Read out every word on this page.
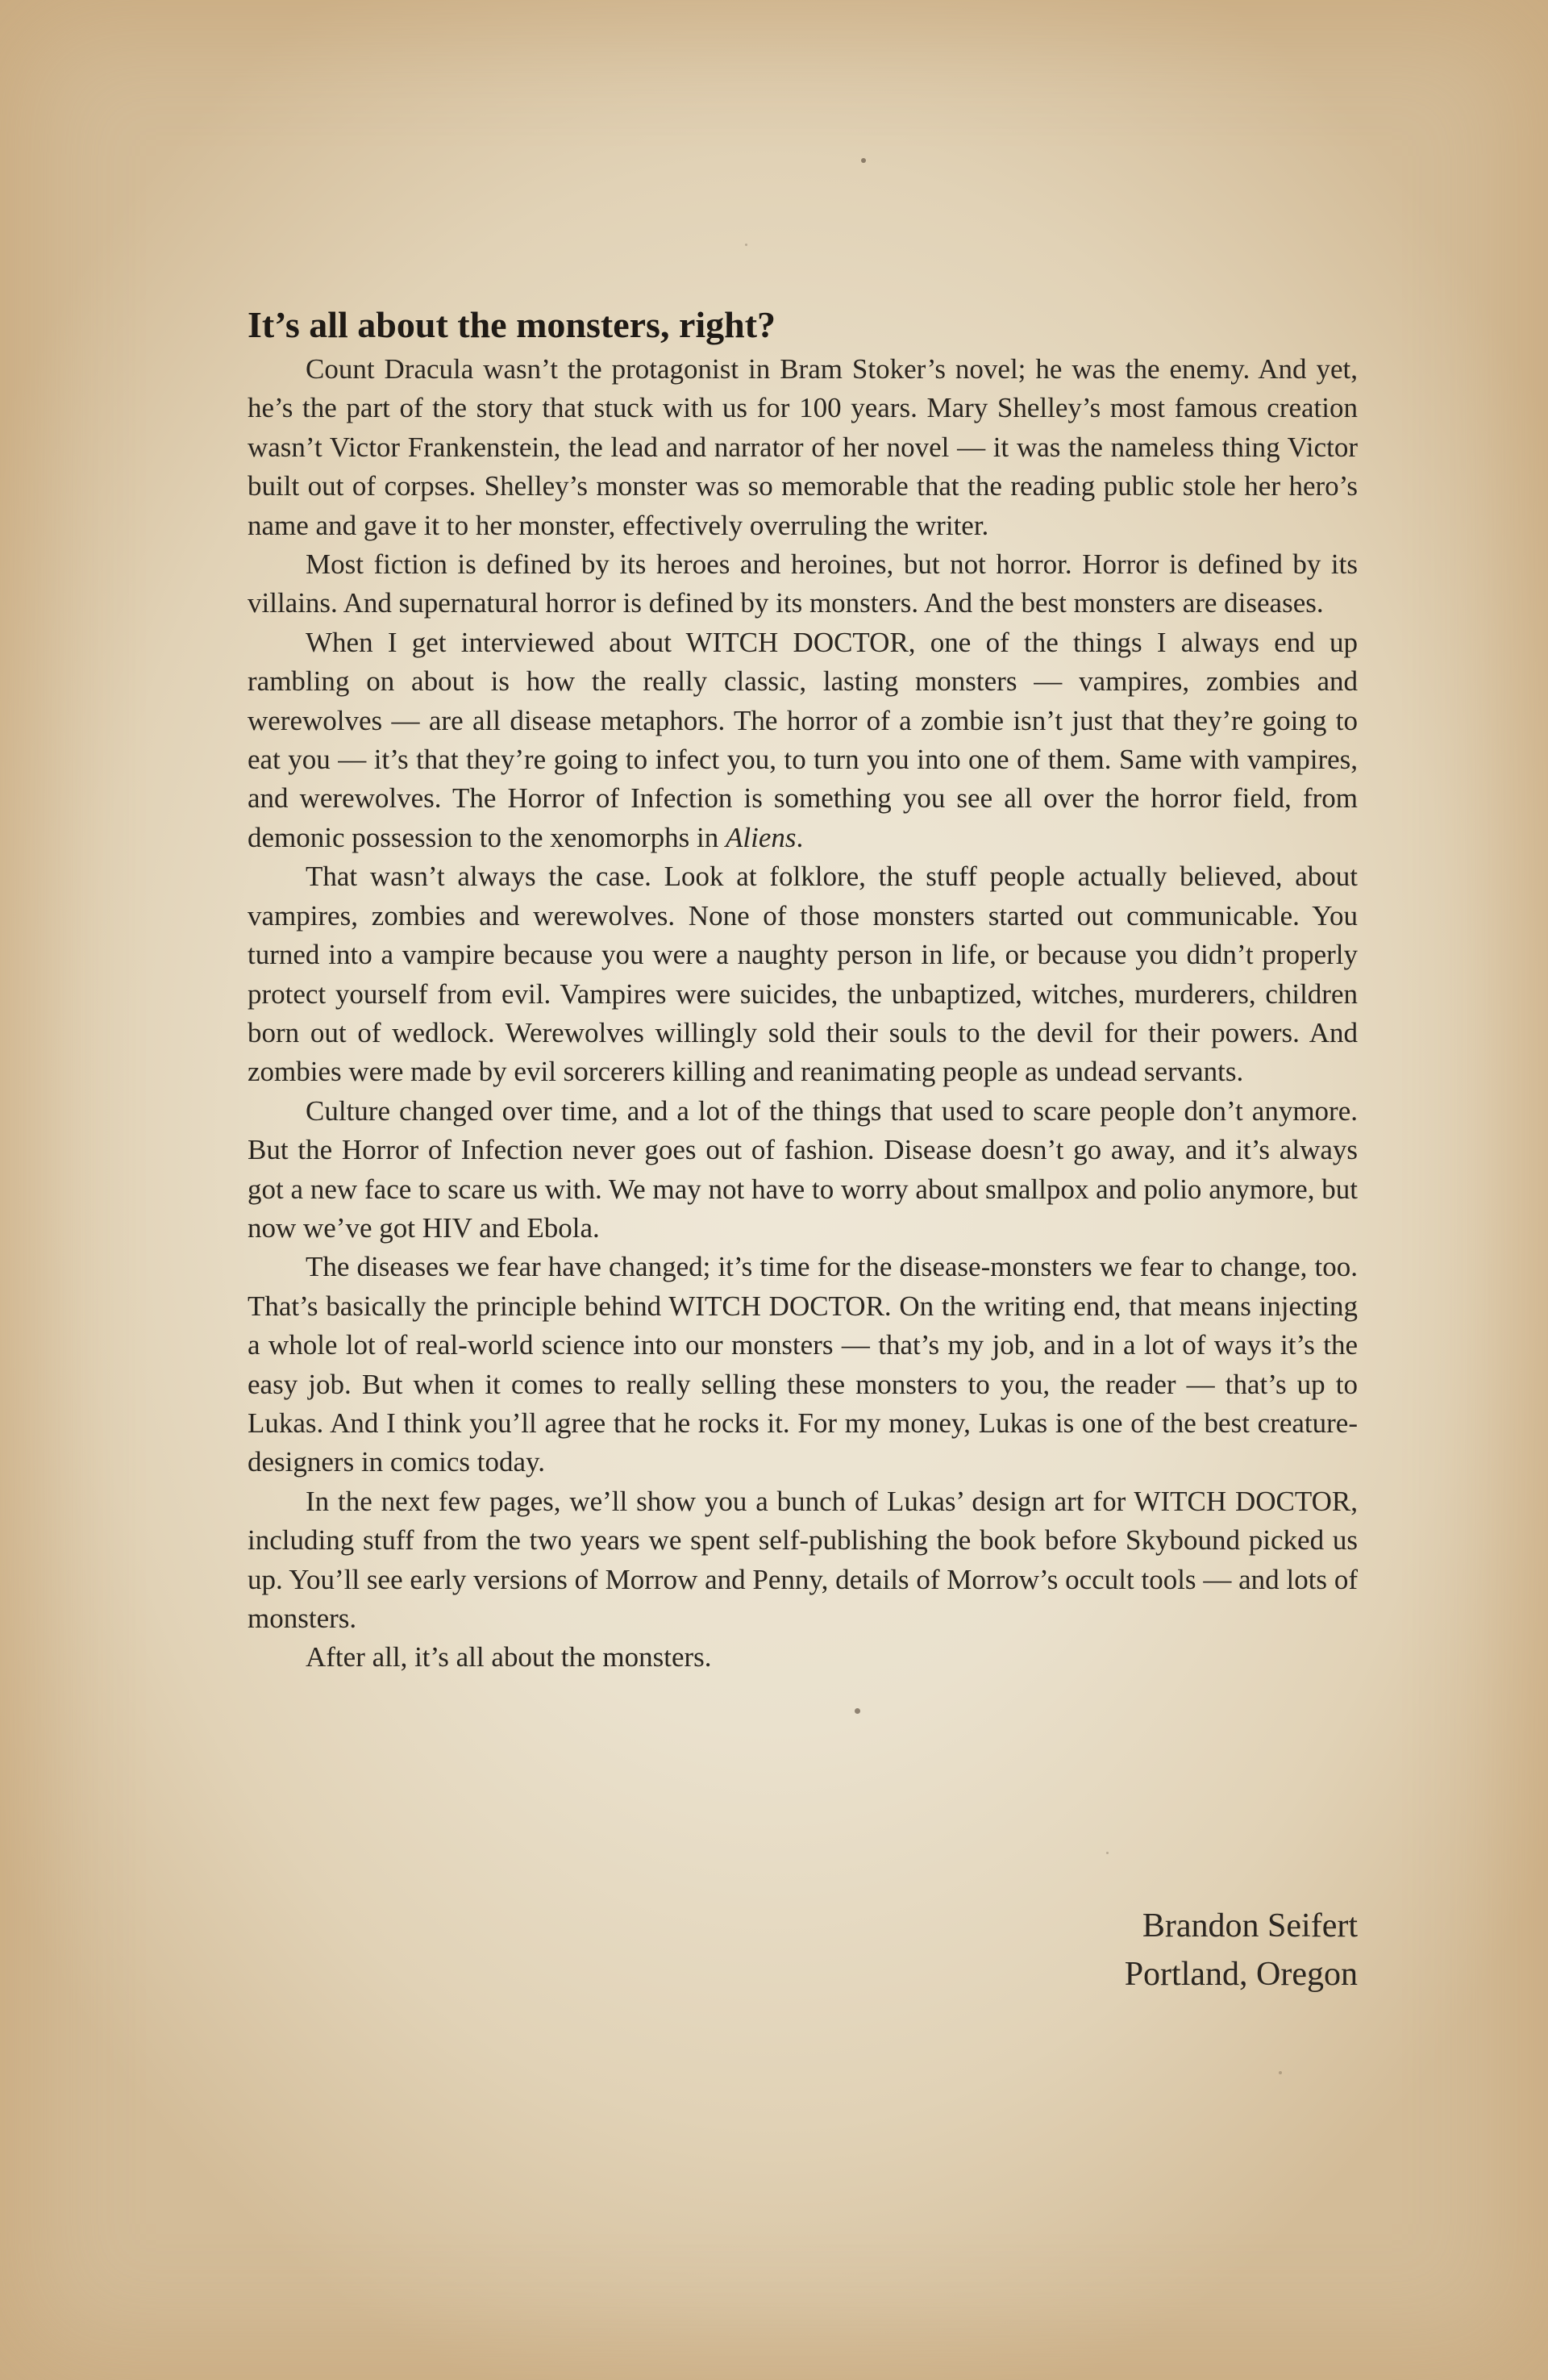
It’s all about the monsters, right?

Count Dracula wasn’t the protagonist in Bram Stoker’s novel; he was the enemy. And yet, he’s the part of the story that stuck with us for 100 years. Mary Shelley’s most famous creation wasn’t Victor Frankenstein, the lead and narrator of her novel — it was the nameless thing Victor built out of corpses. Shelley’s monster was so memorable that the reading public stole her hero’s name and gave it to her monster, effectively overruling the writer.

Most fiction is defined by its heroes and heroines, but not horror. Horror is defined by its villains. And supernatural horror is defined by its monsters. And the best monsters are diseases.

When I get interviewed about WITCH DOCTOR, one of the things I always end up rambling on about is how the really classic, lasting monsters — vampires, zombies and werewolves — are all disease metaphors. The horror of a zombie isn’t just that they’re going to eat you — it’s that they’re going to infect you, to turn you into one of them. Same with vampires, and werewolves. The Horror of Infection is something you see all over the horror field, from demonic possession to the xenomorphs in Aliens.

That wasn’t always the case. Look at folklore, the stuff people actually believed, about vampires, zombies and werewolves. None of those monsters started out communicable. You turned into a vampire because you were a naughty person in life, or because you didn’t properly protect yourself from evil. Vampires were suicides, the unbaptized, witches, murderers, children born out of wedlock. Werewolves willingly sold their souls to the devil for their powers. And zombies were made by evil sorcerers killing and reanimating people as undead servants.

Culture changed over time, and a lot of the things that used to scare people don’t anymore. But the Horror of Infection never goes out of fashion. Disease doesn’t go away, and it’s always got a new face to scare us with. We may not have to worry about smallpox and polio anymore, but now we’ve got HIV and Ebola.

The diseases we fear have changed; it’s time for the disease-monsters we fear to change, too. That’s basically the principle behind WITCH DOCTOR. On the writing end, that means injecting a whole lot of real-world science into our monsters — that’s my job, and in a lot of ways it’s the easy job. But when it comes to really selling these monsters to you, the reader — that’s up to Lukas. And I think you’ll agree that he rocks it. For my money, Lukas is one of the best creature-designers in comics today.

In the next few pages, we’ll show you a bunch of Lukas’ design art for WITCH DOCTOR, including stuff from the two years we spent self-publishing the book before Skybound picked us up. You’ll see early versions of Morrow and Penny, details of Morrow’s occult tools — and lots of monsters.

After all, it’s all about the monsters.

Brandon Seifert
Portland, Oregon
